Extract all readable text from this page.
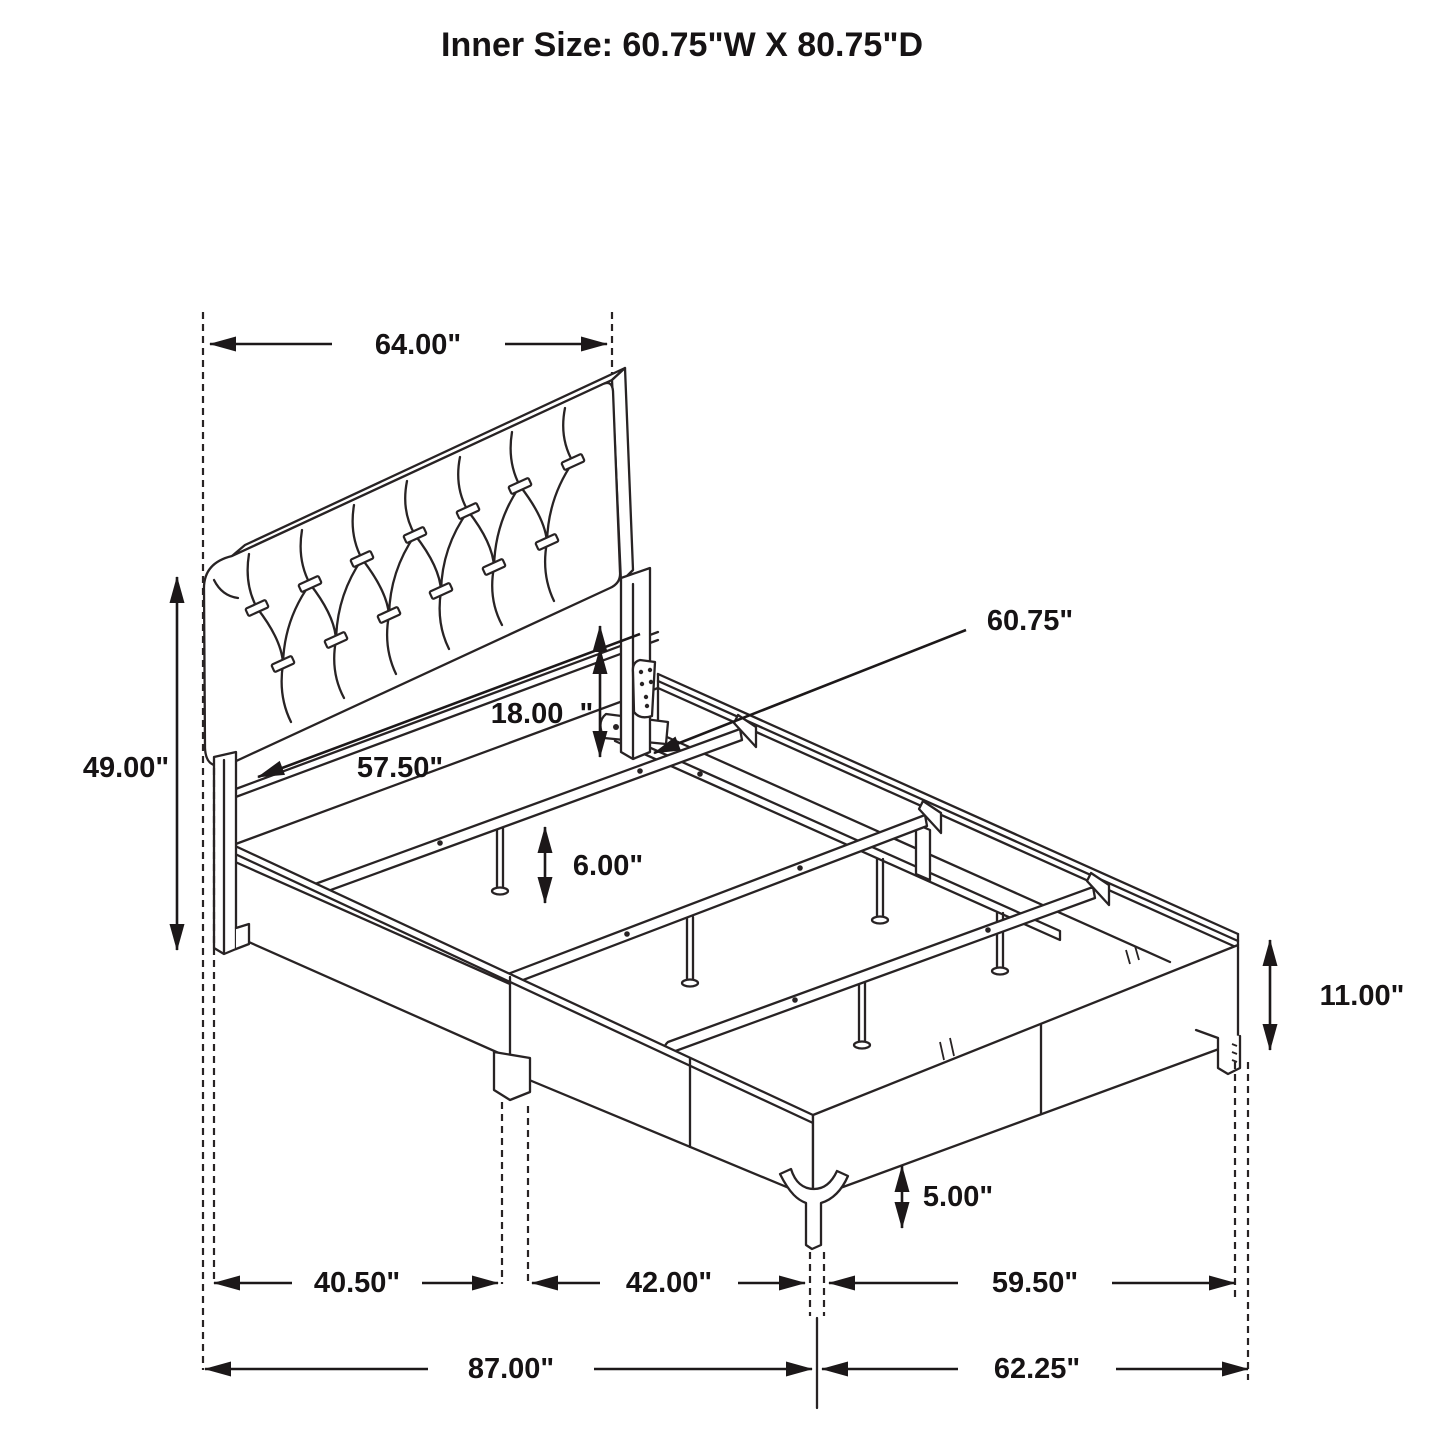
Inner Size: 60.75"W X 80.75"D
64.00"
49.00"	57.50"
18.00  "
60.75"
6.00"
11.00"
5.00"
40.50"	42.00"	59.50"
87.00"	62.25"
